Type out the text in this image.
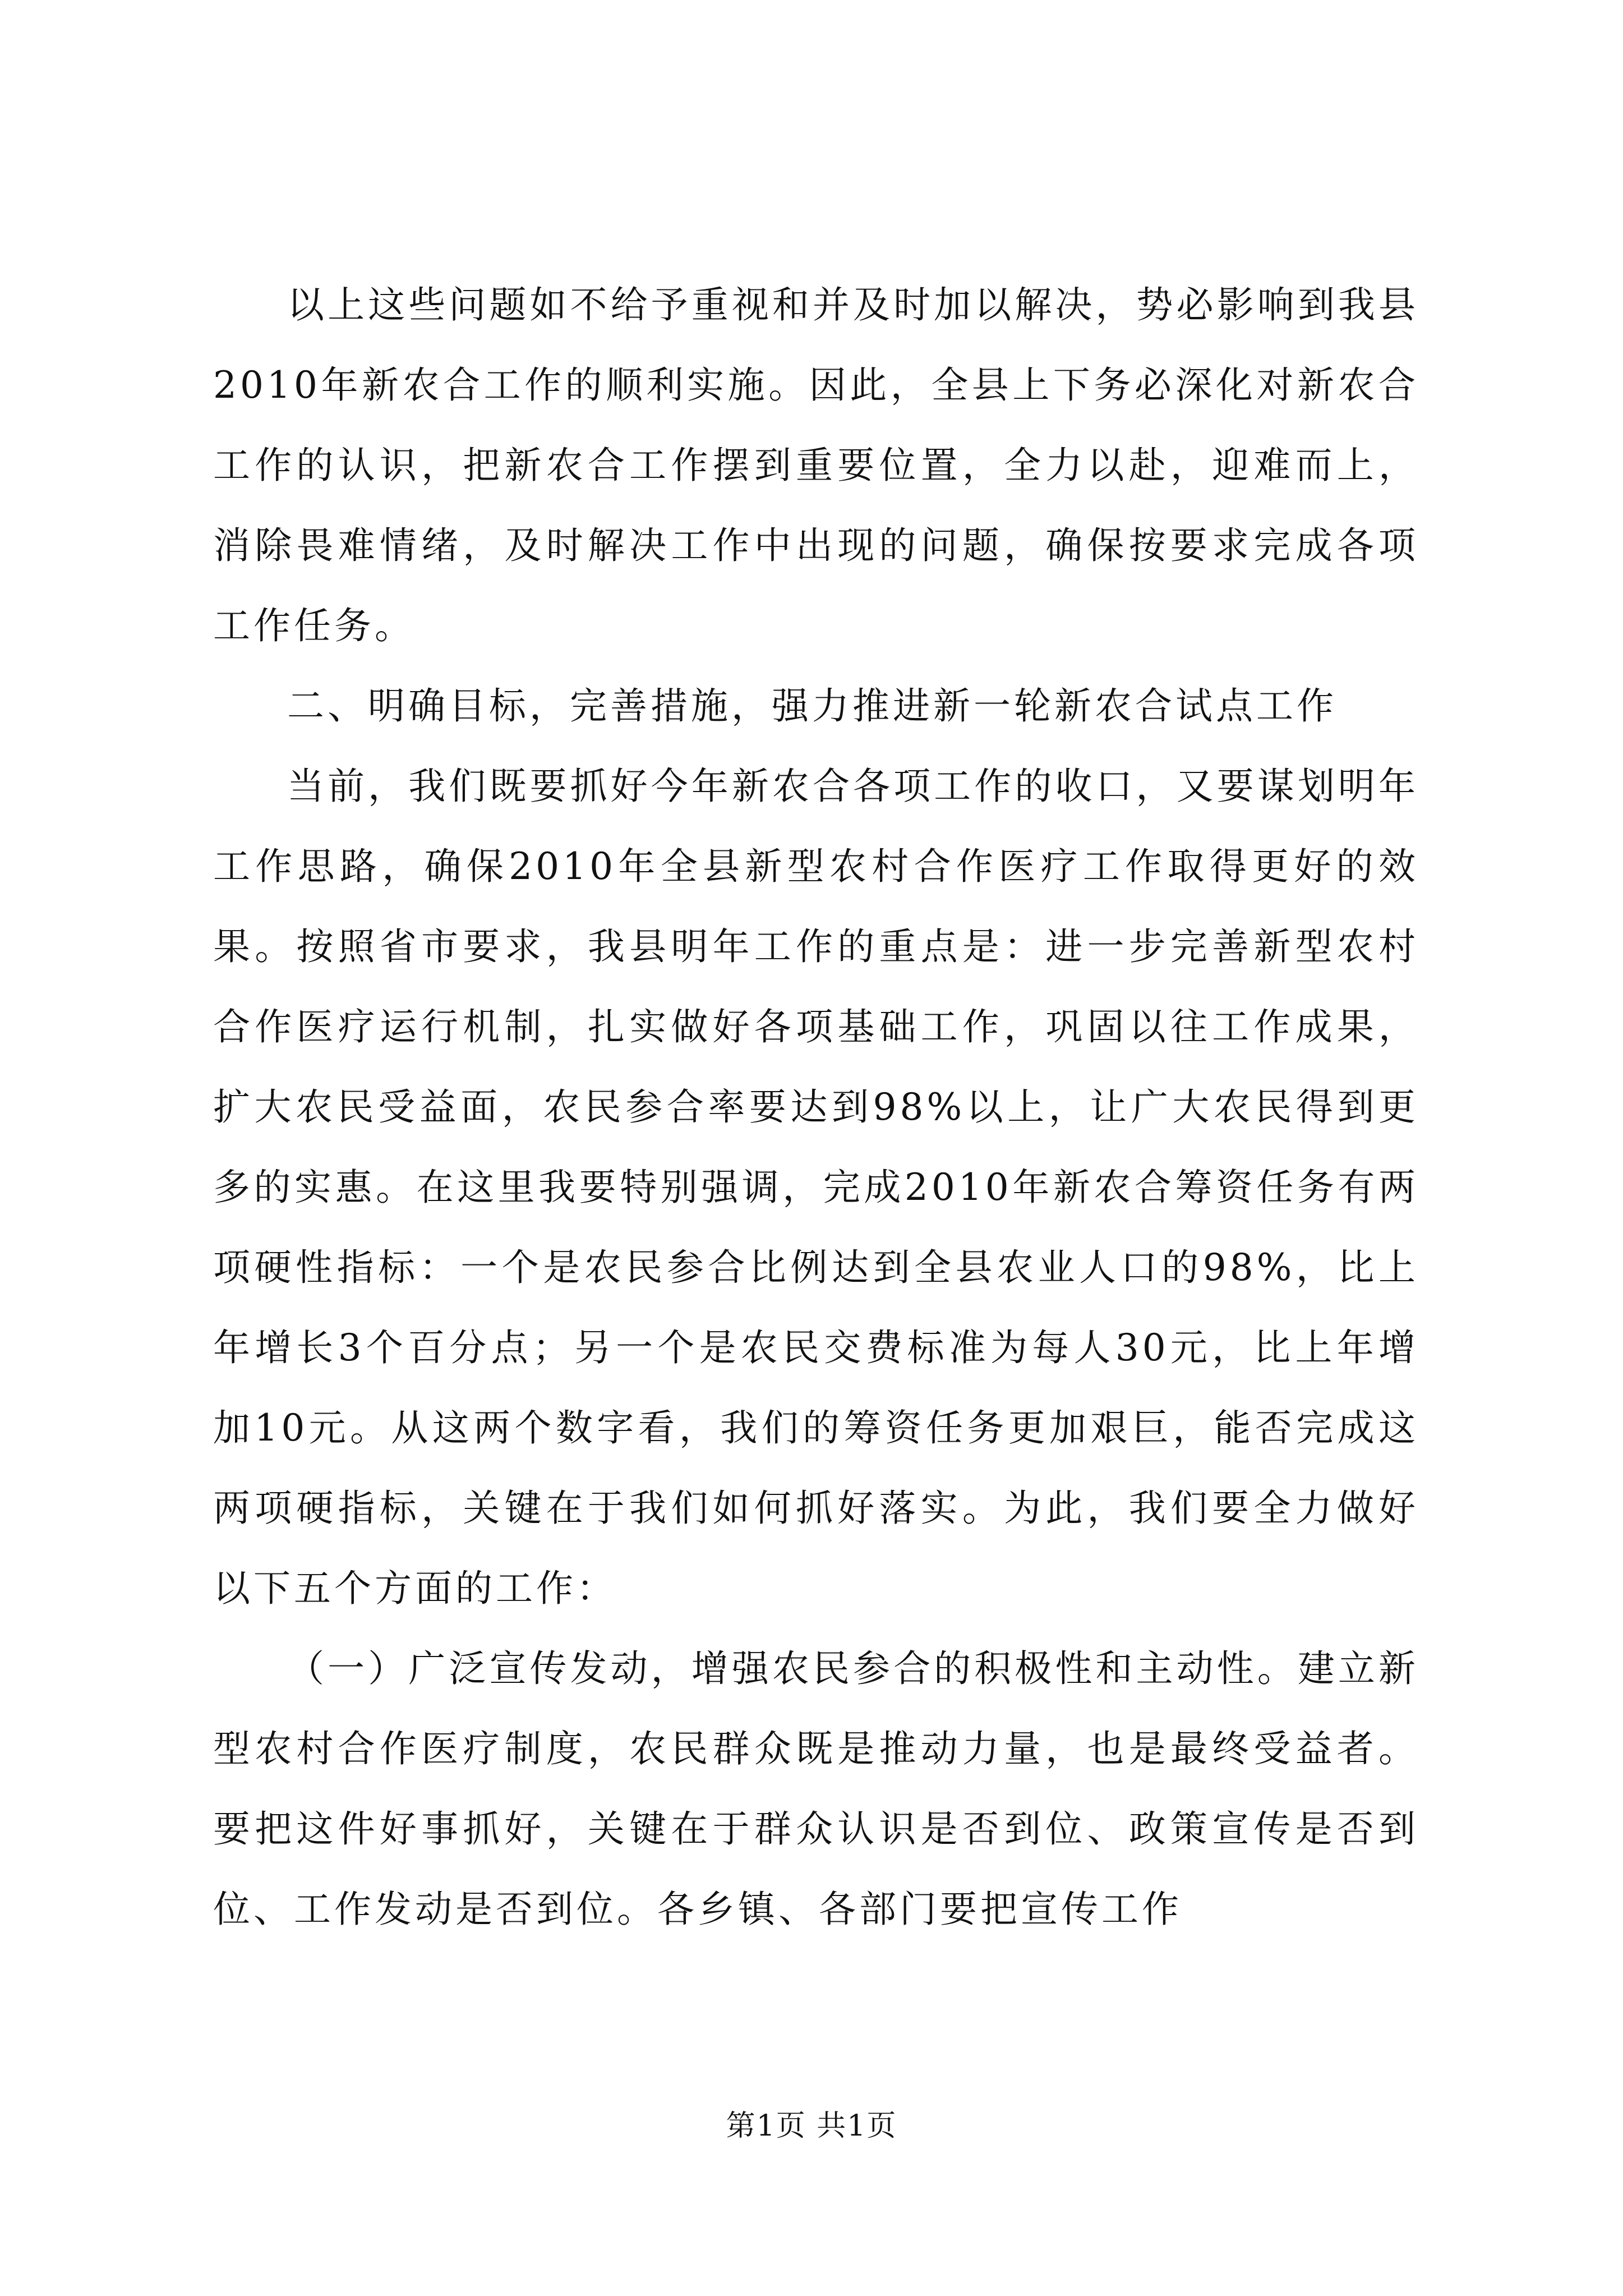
以上这些问题如不给予重视和并及时加以解决，势必影响到我县2010年新农合工作的顺利实施。因此，全县上下务必深化对新农合工作的认识，把新农合工作摆到重要位置，全力以赴，迎难而上，消除畏难情绪，及时解决工作中出现的问题，确保按要求完成各项工作任务。

二、明确目标，完善措施，强力推进新一轮新农合试点工作

当前，我们既要抓好今年新农合各项工作的收口，又要谋划明年工作思路，确保2010年全县新型农村合作医疗工作取得更好的效果。按照省市要求，我县明年工作的重点是：进一步完善新型农村合作医疗运行机制，扎实做好各项基础工作，巩固以往工作成果，扩大农民受益面，农民参合率要达到98%以上，让广大农民得到更多的实惠。在这里我要特别强调，完成2010年新农合筹资任务有两项硬性指标：一个是农民参合比例达到全县农业人口的98%，比上年增长3个百分点；另一个是农民交费标准为每人30元，比上年增加10元。从这两个数字看，我们的筹资任务更加艰巨，能否完成这两项硬指标，关键在于我们如何抓好落实。为此，我们要全力做好以下五个方面的工作：

（一）广泛宣传发动，增强农民参合的积极性和主动性。建立新型农村合作医疗制度，农民群众既是推动力量，也是最终受益者。要把这件好事抓好，关键在于群众认识是否到位、政策宣传是否到位、工作发动是否到位。各乡镇、各部门要把宣传工作

第1页 共1页
